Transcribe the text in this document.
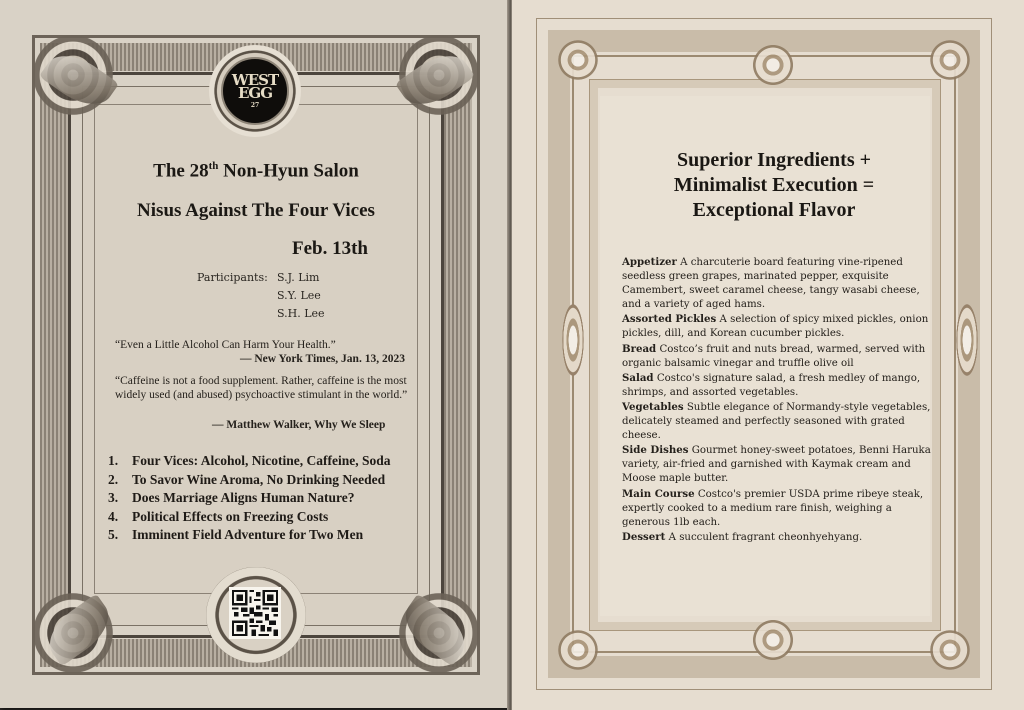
WEST
EGG
27
The 28th Non-Hyun Salon
Nisus Against The Four Vices
Feb. 13th
Participants: S.J. Lim
S.Y. Lee
S.H. Lee
“Even a Little Alcohol Can Harm Your Health.”
— New York Times, Jan. 13, 2023
“Caffeine is not a food supplement. Rather, caffeine is the most widely used (and abused) psychoactive stimulant in the world.”
— Matthew Walker, Why We Sleep
1.	Four Vices: Alcohol, Nicotine, Caffeine, Soda
2.	To Savor Wine Aroma, No Drinking Needed
3.	Does Marriage Aligns Human Nature?
4.	Political Effects on Freezing Costs
5.	Imminent Field Adventure for Two Men
Superior Ingredients +
Minimalist Execution =
Exceptional Flavor
Appetizer A charcuterie board featuring vine-ripened seedless green grapes, marinated pepper, exquisite Camembert, sweet caramel cheese, tangy wasabi cheese, and a variety of aged hams.
Assorted Pickles A selection of spicy mixed pickles, onion pickles, dill, and Korean cucumber pickles.
Bread Costco’s fruit and nuts bread, warmed, served with organic balsamic vinegar and truffle olive oil
Salad Costco's signature salad, a fresh medley of mango, shrimps, and assorted vegetables.
Vegetables Subtle elegance of Normandy-style vegetables, delicately steamed and perfectly seasoned with grated cheese.
Side Dishes Gourmet honey-sweet potatoes, Benni Haruka variety, air-fried and garnished with Kaymak cream and Moose maple butter.
Main Course Costco's premier USDA prime ribeye steak, expertly cooked to a medium rare finish, weighing a generous 1lb each.
Dessert A succulent fragrant cheonhyehyang.
